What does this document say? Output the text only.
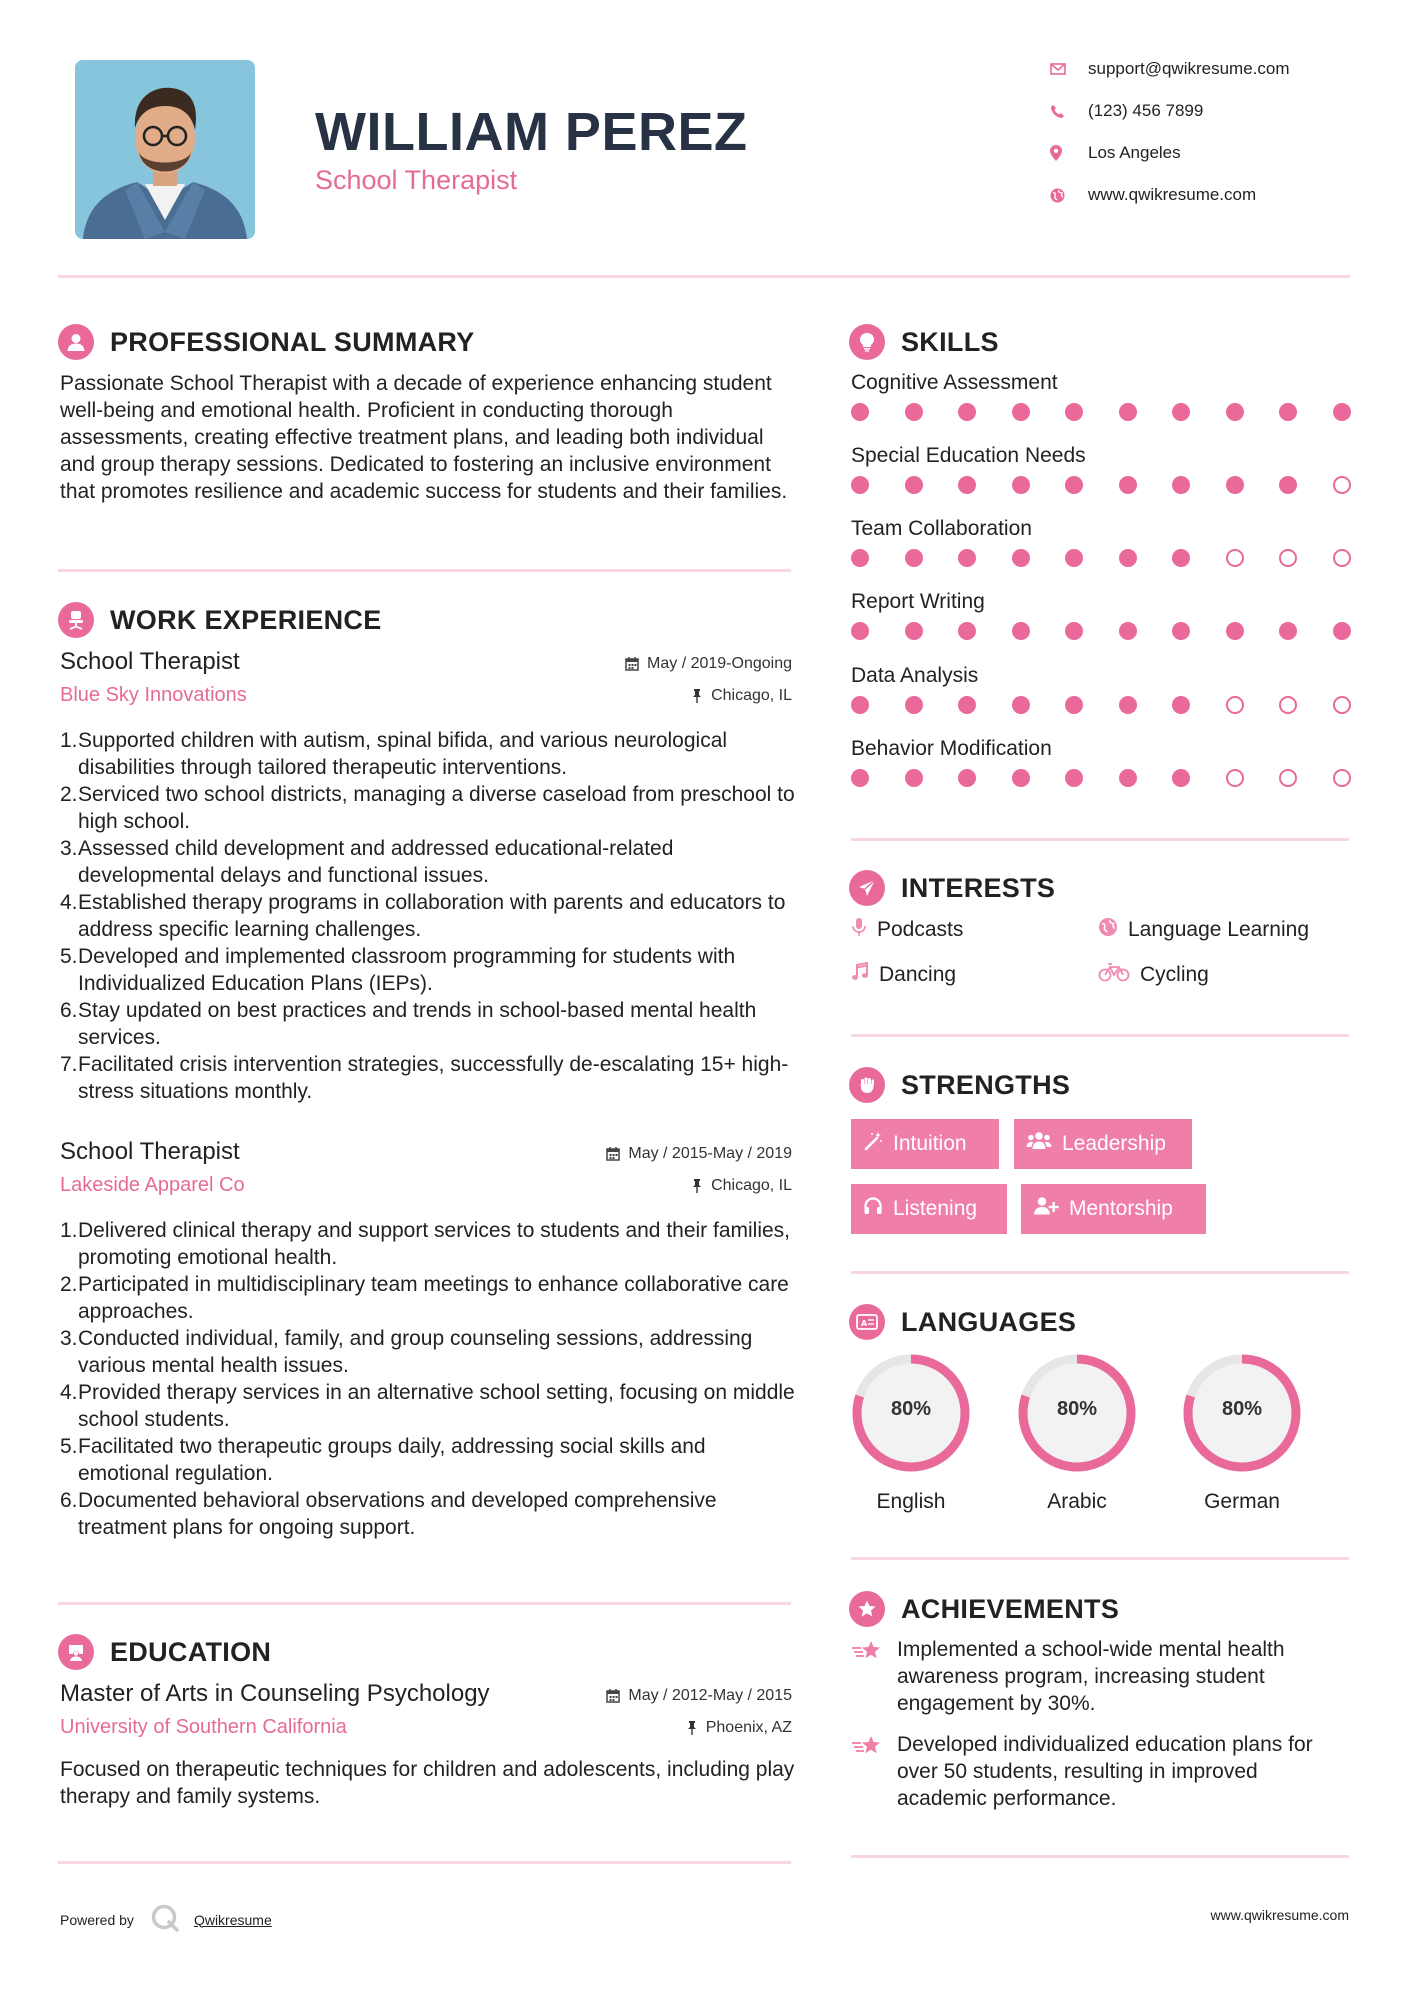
WILLIAM PEREZ
School Therapist
support@qwikresume.com
(123) 456 7899
Los Angeles
www.qwikresume.com
PROFESSIONAL SUMMARY
Passionate School Therapist with a decade of experience enhancing student well-being and emotional health. Proficient in conducting thorough assessments, creating effective treatment plans, and leading both individual and group therapy sessions. Dedicated to fostering an inclusive environment that promotes resilience and academic success for students and their families.
WORK EXPERIENCE
School Therapist
Blue Sky Innovations
May / 2019-Ongoing
Chicago, IL
1. Supported children with autism, spinal bifida, and various neurological disabilities through tailored therapeutic interventions.
2. Serviced two school districts, managing a diverse caseload from preschool to high school.
3. Assessed child development and addressed educational-related developmental delays and functional issues.
4. Established therapy programs in collaboration with parents and educators to address specific learning challenges.
5. Developed and implemented classroom programming for students with Individualized Education Plans (IEPs).
6. Stay updated on best practices and trends in school-based mental health services.
7. Facilitated crisis intervention strategies, successfully de-escalating 15+ high-stress situations monthly.
School Therapist
Lakeside Apparel Co
May / 2015-May / 2019
Chicago, IL
1. Delivered clinical therapy and support services to students and their families, promoting emotional health.
2. Participated in multidisciplinary team meetings to enhance collaborative care approaches.
3. Conducted individual, family, and group counseling sessions, addressing various mental health issues.
4. Provided therapy services in an alternative school setting, focusing on middle school students.
5. Facilitated two therapeutic groups daily, addressing social skills and emotional regulation.
6. Documented behavioral observations and developed comprehensive treatment plans for ongoing support.
EDUCATION
Master of Arts in Counseling Psychology
University of Southern California
May / 2012-May / 2015
Phoenix, AZ
Focused on therapeutic techniques for children and adolescents, including play therapy and family systems.
SKILLS
Cognitive Assessment
Special Education Needs
Team Collaboration
Report Writing
Data Analysis
Behavior Modification
INTERESTS
Podcasts	Language Learning
Dancing	Cycling
STRENGTHS
Intuition	Leadership
Listening	Mentorship
A LANGUAGES
80%
English
80%
Arabic
80%
German
ACHIEVEMENTS
Implemented a school-wide mental health awareness program, increasing student engagement by 30%.
Developed individualized education plans for over 50 students, resulting in improved academic performance.
Powered by	Qwikresume	www.qwikresume.com
